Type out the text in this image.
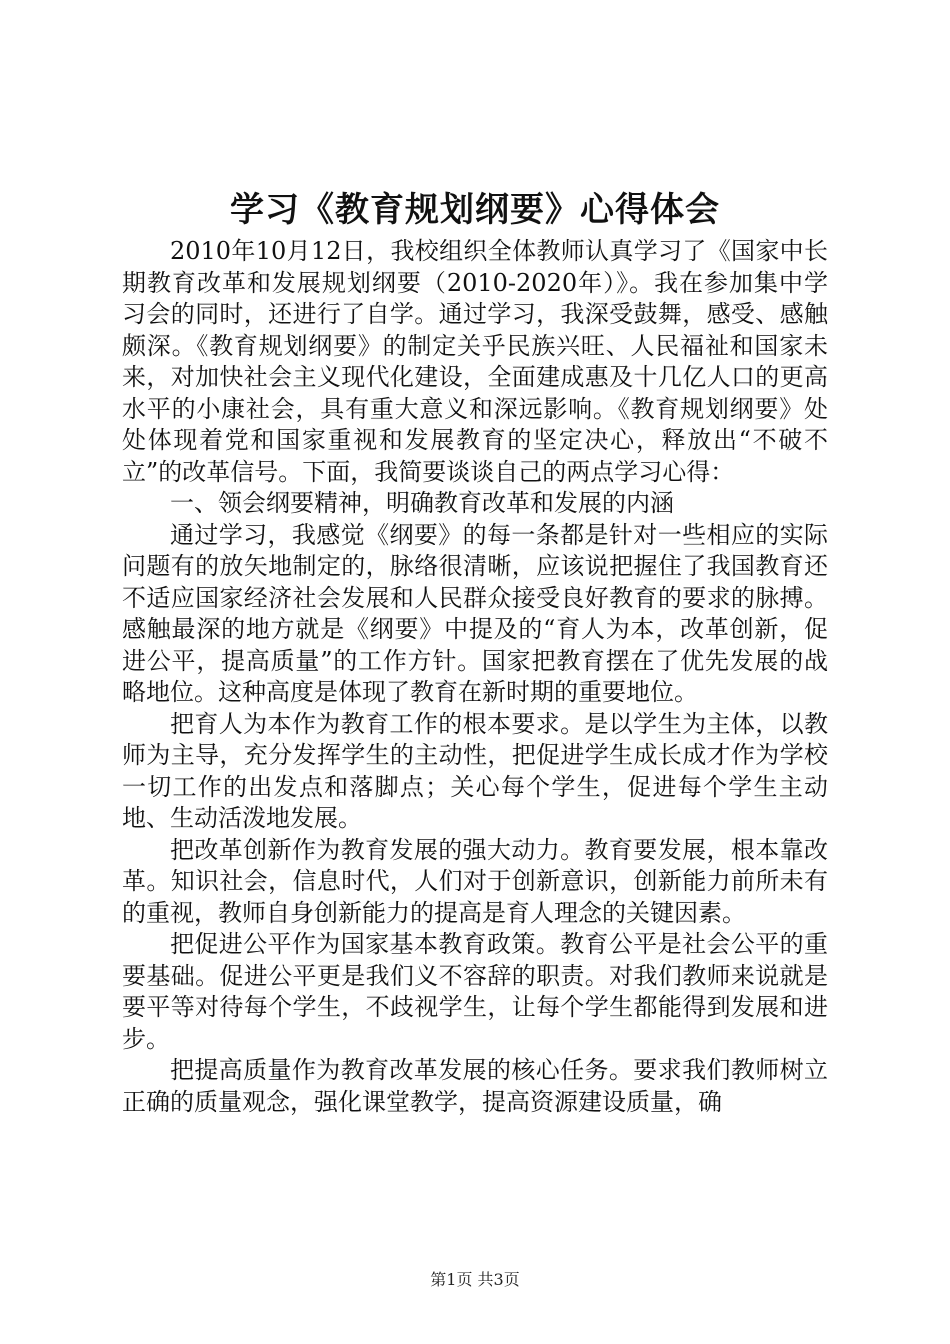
学习《教育规划纲要》心得体会

2010年10月12日，我校组织全体教师认真学习了《国家中长期教育改革和发展规划纲要（2010-2020年）》。我在参加集中学习会的同时，还进行了自学。通过学习，我深受鼓舞，感受、感触颇深。《教育规划纲要》的制定关乎民族兴旺、人民福祉和国家未来，对加快社会主义现代化建设，全面建成惠及十几亿人口的更高水平的小康社会，具有重大意义和深远影响。《教育规划纲要》处处体现着党和国家重视和发展教育的坚定决心，释放出“不破不立”的改革信号。下面，我简要谈谈自己的两点学习心得：

一、领会纲要精神，明确教育改革和发展的内涵

通过学习，我感觉《纲要》的每一条都是针对一些相应的实际问题有的放矢地制定的，脉络很清晰，应该说把握住了我国教育还不适应国家经济社会发展和人民群众接受良好教育的要求的脉搏。感触最深的地方就是《纲要》中提及的“育人为本，改革创新，促进公平，提高质量”的工作方针。国家把教育摆在了优先发展的战略地位。这种高度是体现了教育在新时期的重要地位。

把育人为本作为教育工作的根本要求。是以学生为主体，以教师为主导，充分发挥学生的主动性，把促进学生成长成才作为学校一切工作的出发点和落脚点；关心每个学生，促进每个学生主动地、生动活泼地发展。

把改革创新作为教育发展的强大动力。教育要发展，根本靠改革。知识社会，信息时代，人们对于创新意识，创新能力前所未有的重视，教师自身创新能力的提高是育人理念的关键因素。

把促进公平作为国家基本教育政策。教育公平是社会公平的重要基础。促进公平更是我们义不容辞的职责。对我们教师来说就是要平等对待每个学生，不歧视学生，让每个学生都能得到发展和进步。

把提高质量作为教育改革发展的核心任务。要求我们教师树立正确的质量观念，强化课堂教学，提高资源建设质量，确

第1页 共3页
